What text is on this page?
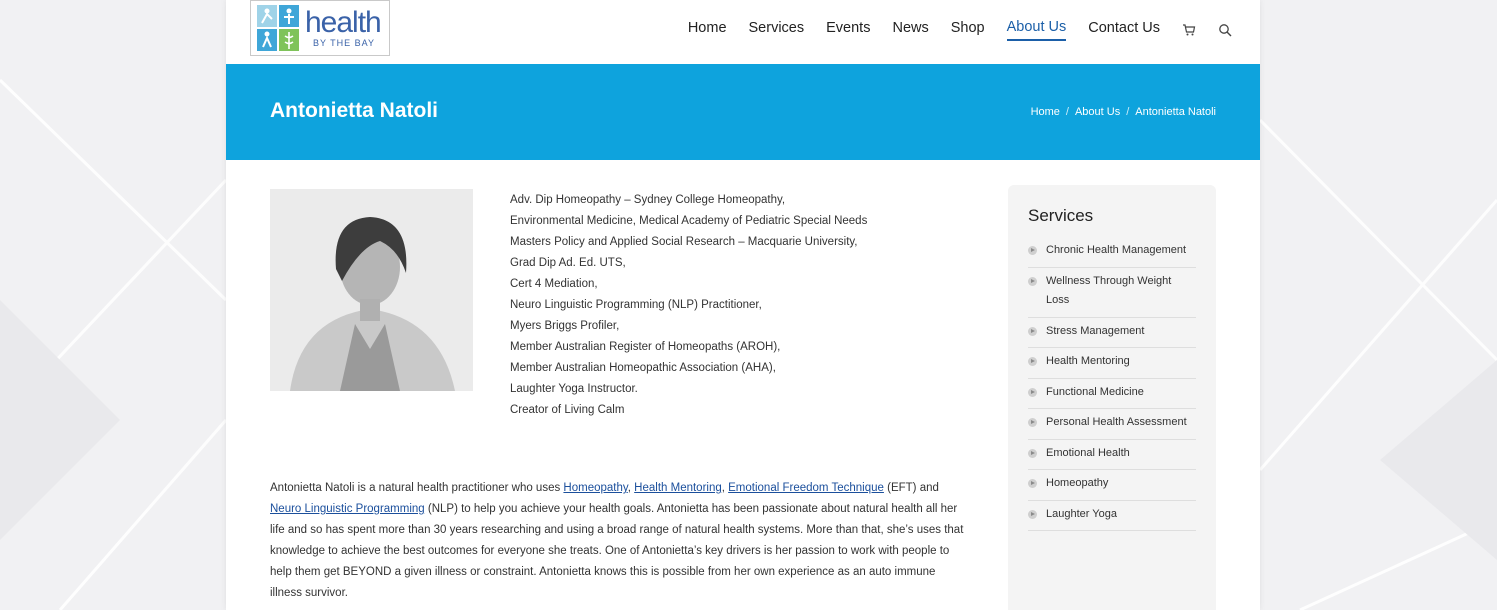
health
BY THE BAY
Home Services Events News Shop About Us Contact Us
Antonietta Natoli	Home / About Us / Antonietta Natoli
Adv. Dip Homeopathy – Sydney College Homeopathy,
Environmental Medicine, Medical Academy of Pediatric Special Needs
Masters Policy and Applied Social Research – Macquarie University,
Grad Dip Ad. Ed. UTS,
Cert 4 Mediation,
Neuro Linguistic Programming (NLP) Practitioner,
Myers Briggs Profiler,
Member Australian Register of Homeopaths (AROH),
Member Australian Homeopathic Association (AHA),
Laughter Yoga Instructor.
Creator of Living Calm

Antonietta Natoli is a natural health practitioner who uses Homeopathy, Health Mentoring, Emotional Freedom Technique (EFT) and Neuro Linguistic Programming (NLP) to help you achieve your health goals. Antonietta has been passionate about natural health all her life and so has spent more than 30 years researching and using a broad range of natural health systems. More than that, she’s uses that knowledge to achieve the best outcomes for everyone she treats. One of Antonietta’s key drivers is her passion to work with people to help them get BEYOND a given illness or constraint. Antonietta knows this is possible from her own experience as an auto immune illness survivor.

Services
Chronic Health Management
Wellness Through Weight Loss
Stress Management
Health Mentoring
Functional Medicine
Personal Health Assessment
Emotional Health
Homeopathy
Laughter Yoga
